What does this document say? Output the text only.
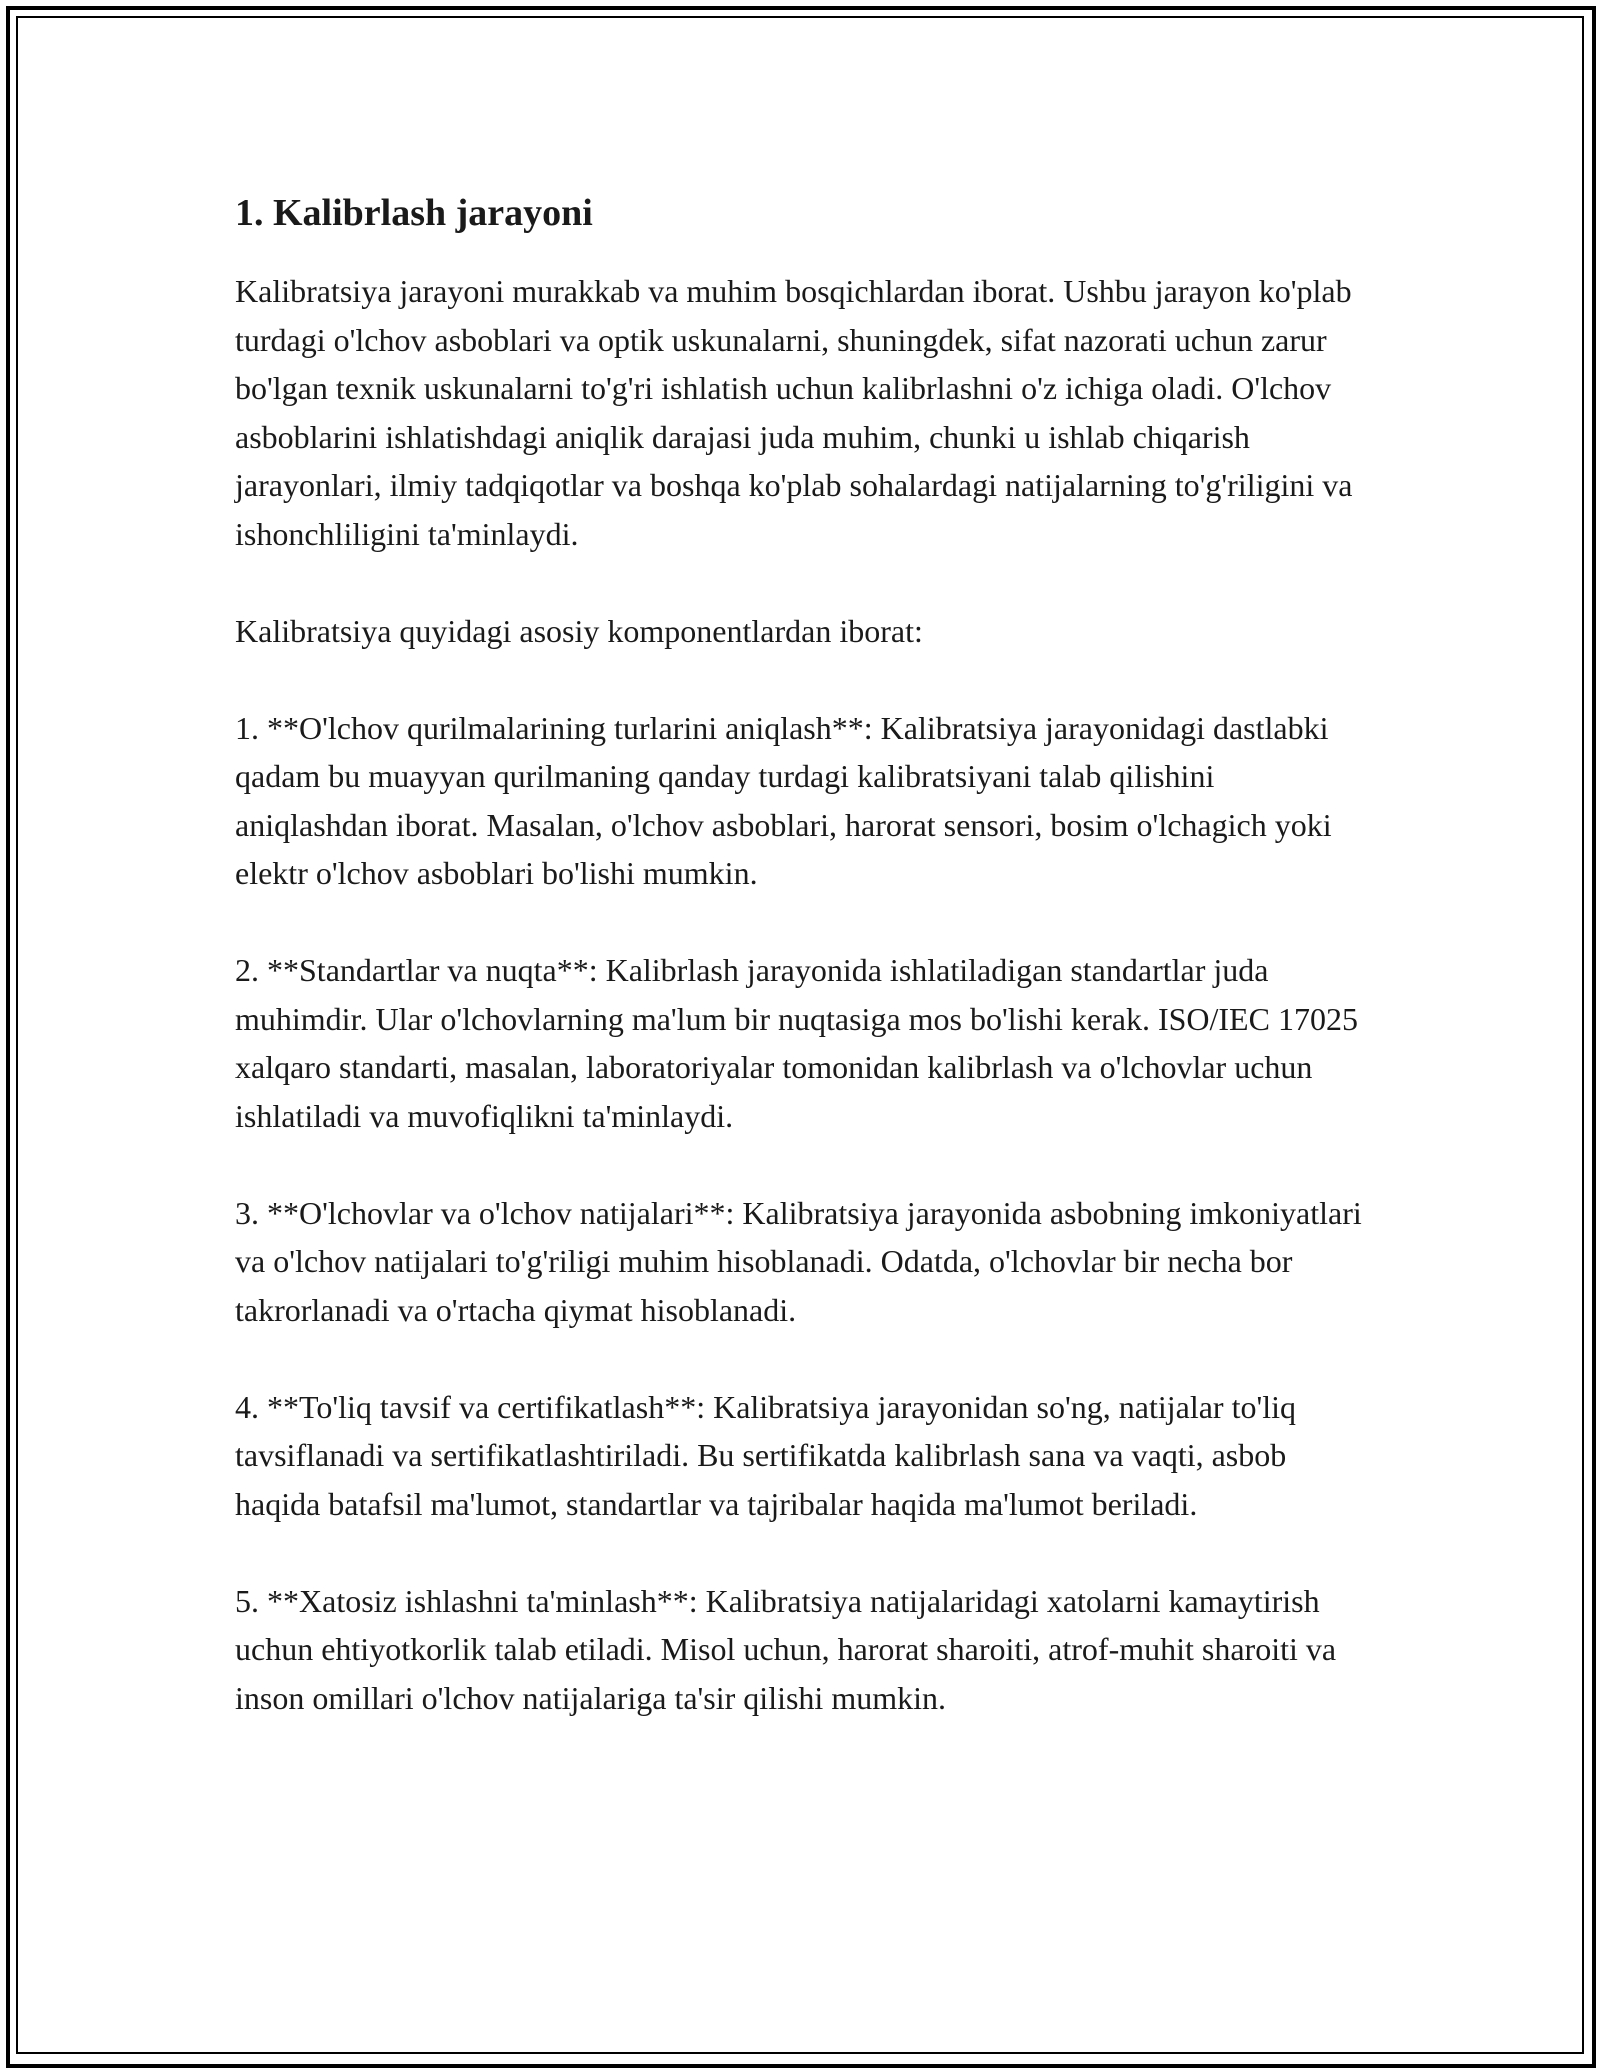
1. Kalibrlash jarayoni

Kalibratsiya jarayoni murakkab va muhim bosqichlardan iborat. Ushbu jarayon ko'plab turdagi o'lchov asboblari va optik uskunalarni, shuningdek, sifat nazorati uchun zarur bo'lgan texnik uskunalarni to'g'ri ishlatish uchun kalibrlashni o'z ichiga oladi. O'lchov asboblarini ishlatishdagi aniqlik darajasi juda muhim, chunki u ishlab chiqarish jarayonlari, ilmiy tadqiqotlar va boshqa ko'plab sohalardagi natijalarning to'g'riligini va ishonchliligini ta'minlaydi.

Kalibratsiya quyidagi asosiy komponentlardan iborat:

1. **O'lchov qurilmalarining turlarini aniqlash**: Kalibratsiya jarayonidagi dastlabki qadam bu muayyan qurilmaning qanday turdagi kalibratsiyani talab qilishini aniqlashdan iborat. Masalan, o'lchov asboblari, harorat sensori, bosim o'lchagich yoki elektr o'lchov asboblari bo'lishi mumkin.

2. **Standartlar va nuqta**: Kalibrlash jarayonida ishlatiladigan standartlar juda muhimdir. Ular o'lchovlarning ma'lum bir nuqtasiga mos bo'lishi kerak. ISO/IEC 17025 xalqaro standarti, masalan, laboratoriyalar tomonidan kalibrlash va o'lchovlar uchun ishlatiladi va muvofiqlikni ta'minlaydi.

3. **O'lchovlar va o'lchov natijalari**: Kalibratsiya jarayonida asbobning imkoniyatlari va o'lchov natijalari to'g'riligi muhim hisoblanadi. Odatda, o'lchovlar bir necha bor takrorlanadi va o'rtacha qiymat hisoblanadi.

4. **To'liq tavsif va certifikatlash**: Kalibratsiya jarayonidan so'ng, natijalar to'liq tavsiflanadi va sertifikatlashtiriladi. Bu sertifikatda kalibrlash sana va vaqti, asbob haqida batafsil ma'lumot, standartlar va tajribalar haqida ma'lumot beriladi.

5. **Xatosiz ishlashni ta'minlash**: Kalibratsiya natijalaridagi xatolarni kamaytirish uchun ehtiyotkorlik talab etiladi. Misol uchun, harorat sharoiti, atrof-muhit sharoiti va inson omillari o'lchov natijalariga ta'sir qilishi mumkin.
